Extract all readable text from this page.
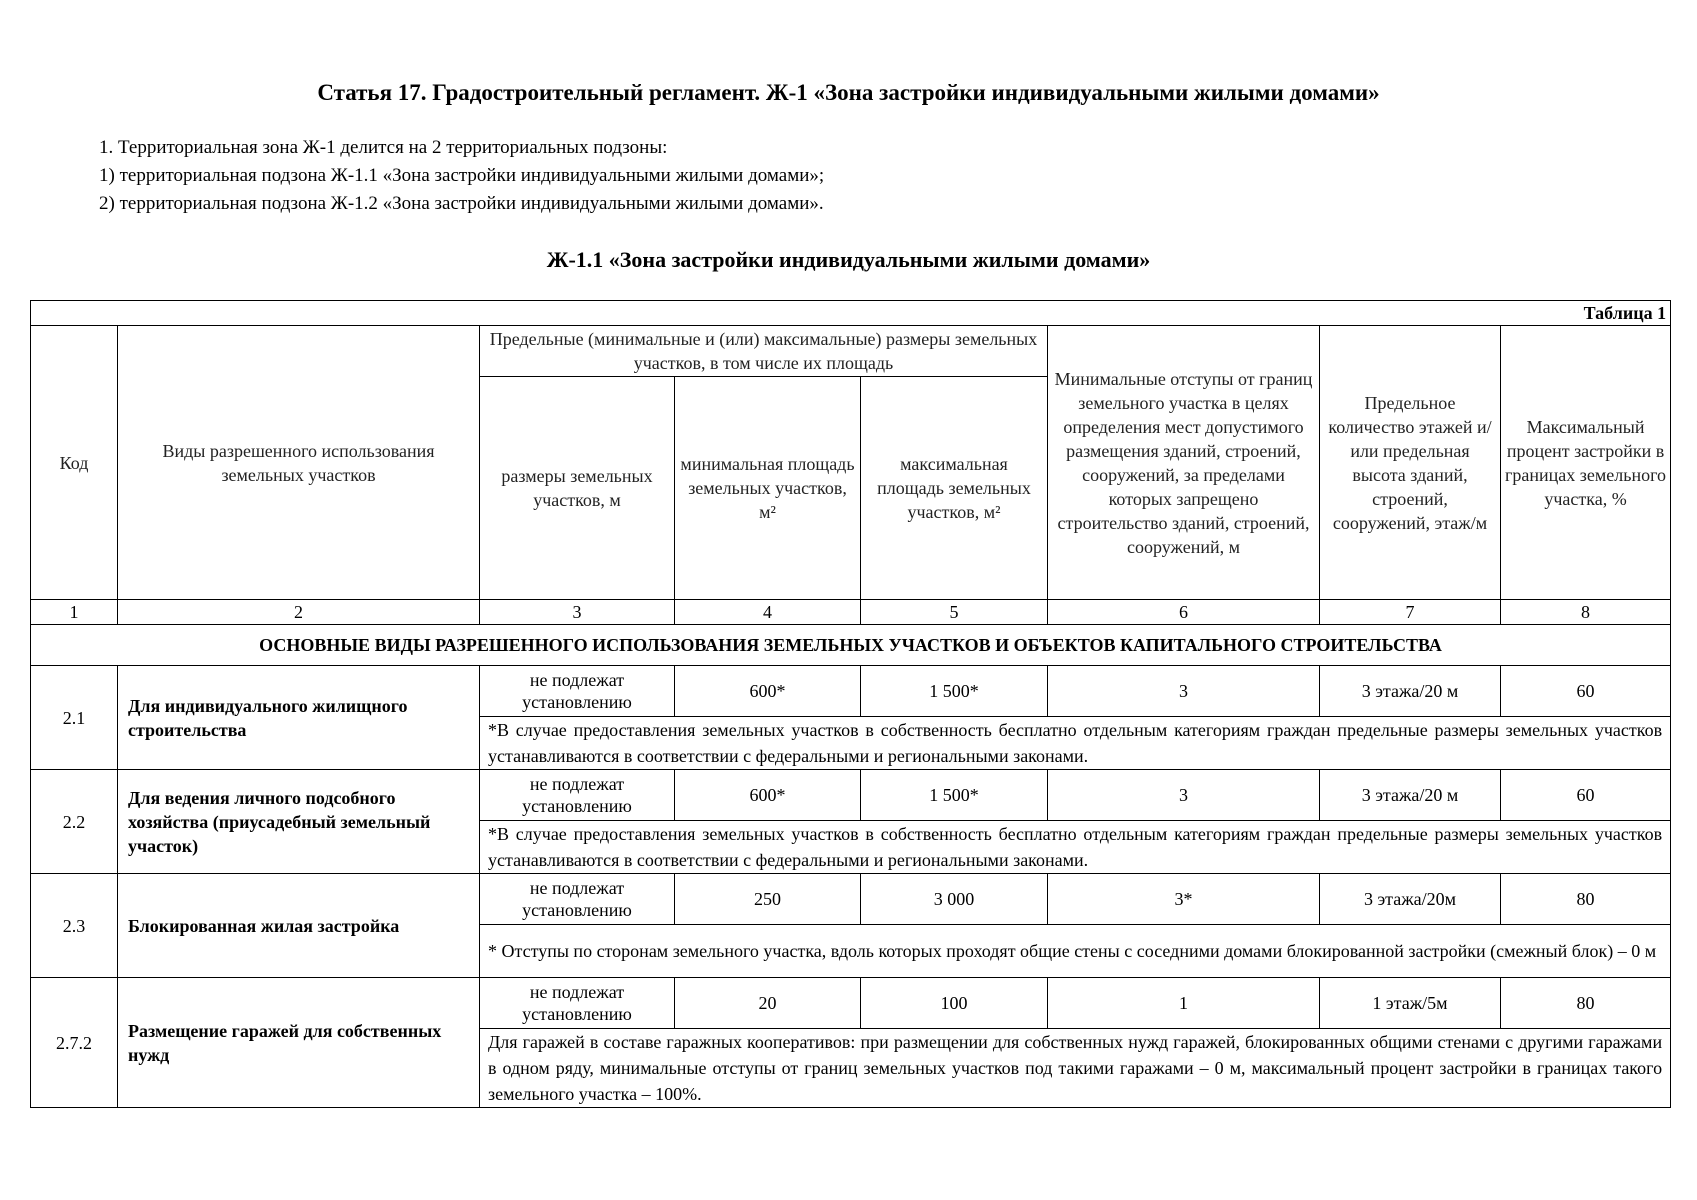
Статья 17. Градостроительный регламент. Ж-1 «Зона застройки индивидуальными жилыми домами»
1. Территориальная зона Ж-1 делится на 2 территориальных подзоны:
1) территориальная подзона Ж-1.1 «Зона застройки индивидуальными жилыми домами»;
2) территориальная подзона Ж-1.2 «Зона застройки индивидуальными жилыми домами».
Ж-1.1 «Зона застройки индивидуальными жилыми домами»
Таблица 1							
Код	Виды разрешенного использования земельных участков	Предельные (минимальные и (или) максимальные) размеры земельных участков, в том числе их площадь			Минимальные отступы от границ земельного участка в целях определения мест допустимого размещения зданий, строений, сооружений, за пределами которых запрещено строительство зданий, строений, сооружений, м	Предельное количество этажей и/или предельная высота зданий, строений, сооружений, этаж/м	Максимальный процент застройки в границах земельного участка, %
		размеры земельных участков, м	минимальная площадь земельных участков, м²	максимальная площадь земельных участков, м²			
1	2	3	4	5	6	7	8
ОСНОВНЫЕ ВИДЫ РАЗРЕШЕННОГО ИСПОЛЬЗОВАНИЯ ЗЕМЕЛЬНЫХ УЧАСТКОВ И ОБЪЕКТОВ КАПИТАЛЬНОГО СТРОИТЕЛЬСТВА							
2.1	Для индивидуального жилищного строительства	не подлежат установлению	600*	1 500*	3	3 этажа/20 м	60

		*В случае предоставления земельных участков в собственность бесплатно отдельным категориям граждан предельные размеры земельных участков устанавливаются в соответствии с федеральными и региональными законами.					

2.2	Для ведения личного подсобного хозяйства (приусадебный земельный участок)	не подлежат установлению	600*	1 500*	3	3 этажа/20 м	60

		*В случае предоставления земельных участков в собственность бесплатно отдельным категориям граждан предельные размеры земельных участков устанавливаются в соответствии с федеральными и региональными законами.					

2.3	Блокированная жилая застройка	не подлежат установлению	250	3 000	3*	3 этажа/20м	80

		* Отступы по сторонам земельного участка, вдоль которых проходят общие стены с соседними домами блокированной застройки (смежный блок) – 0 м					

2.7.2	Размещение гаражей для собственных нужд	не подлежат установлению	20	100	1	1 этаж/5м	80

		Для гаражей в составе гаражных кооперативов: при размещении для собственных нужд гаражей, блокированных общими стенами с другими гаражами в одном ряду, минимальные отступы от границ земельных участков под такими гаражами – 0 м, максимальный процент застройки в границах такого земельного участка – 100%.					
